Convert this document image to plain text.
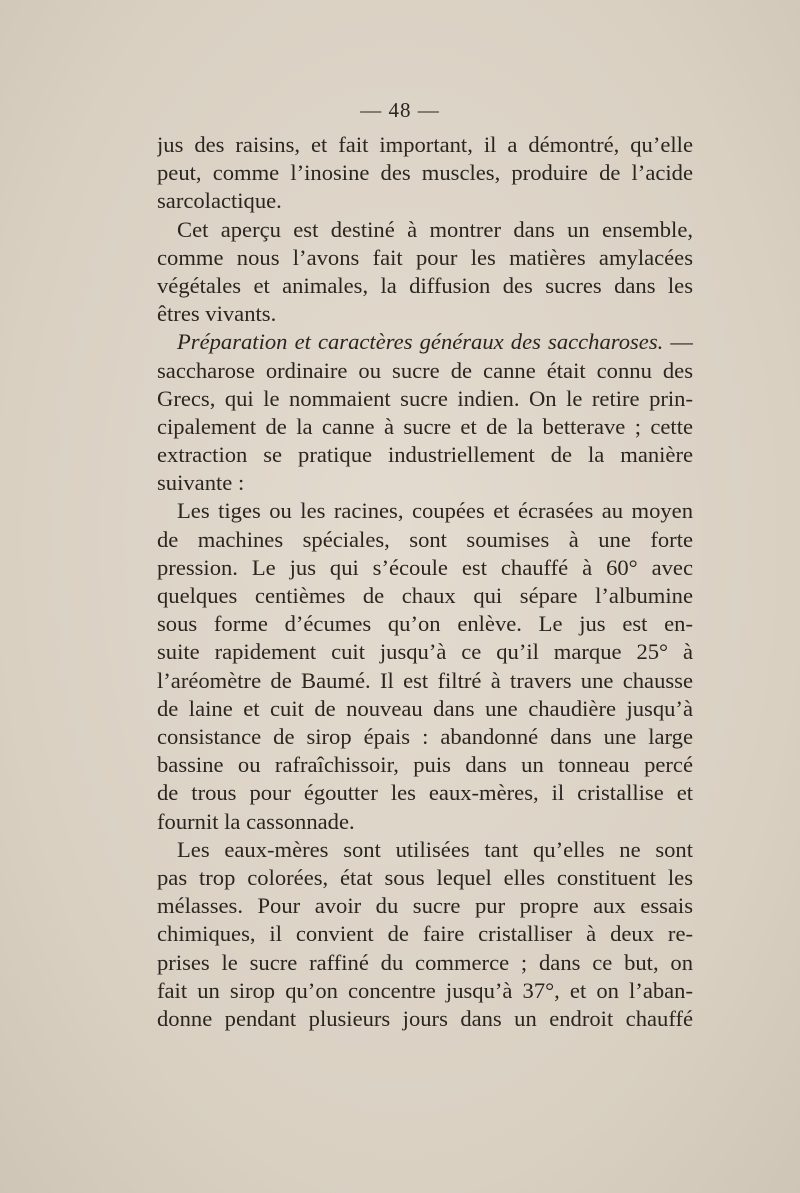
— 48 —
jus des raisins, et fait important, il a démontré, qu’elle
peut, comme l’inosine des muscles, produire de l’acide
sarcolactique.
Cet aperçu est destiné à montrer dans un ensemble,
comme nous l’avons fait pour les matières amylacées
végétales et animales, la diffusion des sucres dans les
êtres vivants.
Préparation et caractères généraux des saccharoses. —
saccharose ordinaire ou sucre de canne était connu des
Grecs, qui le nommaient sucre indien. On le retire prin-
cipalement de la canne à sucre et de la betterave ; cette
extraction se pratique industriellement de la manière
suivante :
Les tiges ou les racines, coupées et écrasées au moyen
de machines spéciales, sont soumises à une forte
pression. Le jus qui s’écoule est chauffé à 60° avec
quelques centièmes de chaux qui sépare l’albumine
sous forme d’écumes qu’on enlève. Le jus est en-
suite rapidement cuit jusqu’à ce qu’il marque 25° à
l’aréomètre de Baumé. Il est filtré à travers une chausse
de laine et cuit de nouveau dans une chaudière jusqu’à
consistance de sirop épais : abandonné dans une large
bassine ou rafraîchissoir, puis dans un tonneau percé
de trous pour égoutter les eaux-mères, il cristallise et
fournit la cassonnade.
Les eaux-mères sont utilisées tant qu’elles ne sont
pas trop colorées, état sous lequel elles constituent les
mélasses. Pour avoir du sucre pur propre aux essais
chimiques, il convient de faire cristalliser à deux re-
prises le sucre raffiné du commerce ; dans ce but, on
fait un sirop qu’on concentre jusqu’à 37°, et on l’aban-
donne pendant plusieurs jours dans un endroit chauffé
